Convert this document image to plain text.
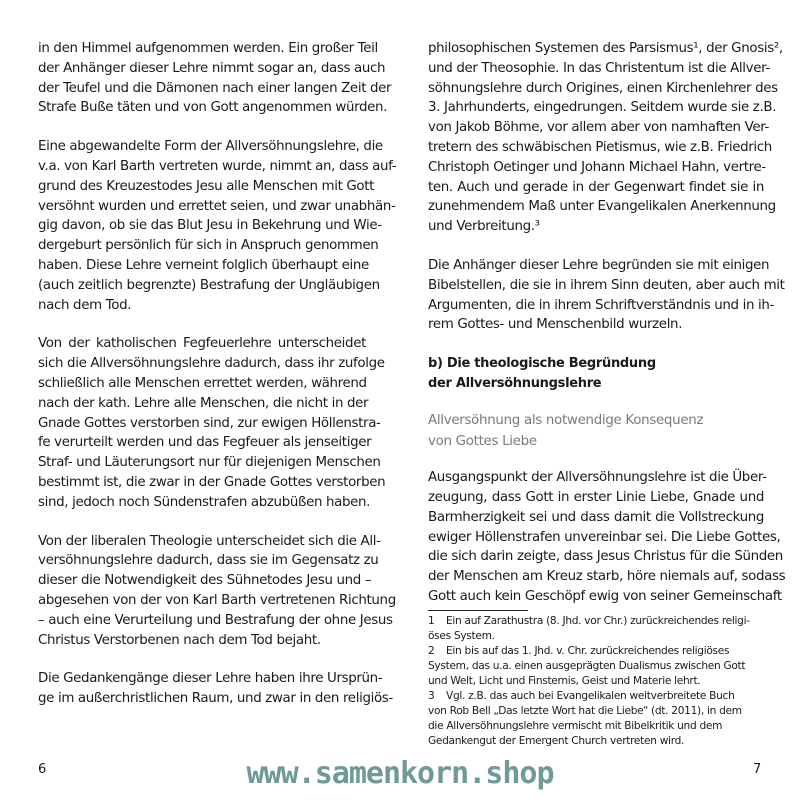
in den Himmel aufgenommen werden. Ein großer Teil
der Anhänger dieser Lehre nimmt sogar an, dass auch
der Teufel und die Dämonen nach einer langen Zeit der
Strafe Buße täten und von Gott angenommen würden.
Eine abgewandelte Form der Allversöhnungslehre, die
v.a. von Karl Barth vertreten wurde, nimmt an, dass auf-
grund des Kreuzestodes Jesu alle Menschen mit Gott
versöhnt wurden und errettet seien, und zwar unabhän-
gig davon, ob sie das Blut Jesu in Bekehrung und Wie-
dergeburt persönlich für sich in Anspruch genommen
haben. Diese Lehre verneint folglich überhaupt eine
(auch zeitlich begrenzte) Bestrafung der Ungläubigen
nach dem Tod.
Von der katholischen Fegfeuerlehre unterscheidet
sich die Allversöhnungslehre dadurch, dass ihr zufolge
schließlich alle Menschen errettet werden, während
nach der kath. Lehre alle Menschen, die nicht in der
Gnade Gottes verstorben sind, zur ewigen Höllenstra-
fe verurteilt werden und das Fegfeuer als jenseitiger
Straf- und Läuterungsort nur für diejenigen Menschen
bestimmt ist, die zwar in der Gnade Gottes verstorben
sind, jedoch noch Sündenstrafen abzubüßen haben.
Von der liberalen Theologie unterscheidet sich die All-
versöhnungslehre dadurch, dass sie im Gegensatz zu
dieser die Notwendigkeit des Sühnetodes Jesu und –
abgesehen von der von Karl Barth vertretenen Richtung
– auch eine Verurteilung und Bestrafung der ohne Jesus
Christus Verstorbenen nach dem Tod bejaht.
Die Gedankengänge dieser Lehre haben ihre Ursprün-
ge im außerchristlichen Raum, und zwar in den religiös-
philosophischen Systemen des Parsismus¹, der Gnosis²,
und der Theosophie. In das Christentum ist die Allver-
söhnungslehre durch Origines, einen Kirchenlehrer des
3. Jahrhunderts, eingedrungen. Seitdem wurde sie z.B.
von Jakob Böhme, vor allem aber von namhaften Ver-
tretern des schwäbischen Pietismus, wie z.B. Friedrich
Christoph Oetinger und Johann Michael Hahn, vertre-
ten. Auch und gerade in der Gegenwart findet sie in
zunehmendem Maß unter Evangelikalen Anerkennung
und Verbreitung.³
Die Anhänger dieser Lehre begründen sie mit einigen
Bibelstellen, die sie in ihrem Sinn deuten, aber auch mit
Argumenten, die in ihrem Schriftverständnis und in ih-
rem Gottes- und Menschenbild wurzeln.
b) Die theologische Begründung
der Allversöhnungslehre
Allversöhnung als notwendige Konsequenz
von Gottes Liebe
Ausgangspunkt der Allversöhnungslehre ist die Über-
zeugung, dass Gott in erster Linie Liebe, Gnade und
Barmherzigkeit sei und dass damit die Vollstreckung
ewiger Höllenstrafen unvereinbar sei. Die Liebe Gottes,
die sich darin zeigte, dass Jesus Christus für die Sünden
der Menschen am Kreuz starb, höre niemals auf, sodass
Gott auch kein Geschöpf ewig von seiner Gemeinschaft
1 Ein auf Zarathustra (8. Jhd. vor Chr.) zurückreichendes religi-
öses System.
2 Ein bis auf das 1. Jhd. v. Chr. zurückreichendes religiöses
System, das u.a. einen ausgeprägten Dualismus zwischen Gott
und Welt, Licht und Finsternis, Geist und Materie lehrt.
3 Vgl. z.B. das auch bei Evangelikalen weitverbreitete Buch
von Rob Bell „Das letzte Wort hat die Liebe" (dt. 2011), in dem
die Allversöhnungslehre vermischt mit Bibelkritik und dem
Gedankengut der Emergent Church vertreten wird.
6	7
www.samenkorn.shop
